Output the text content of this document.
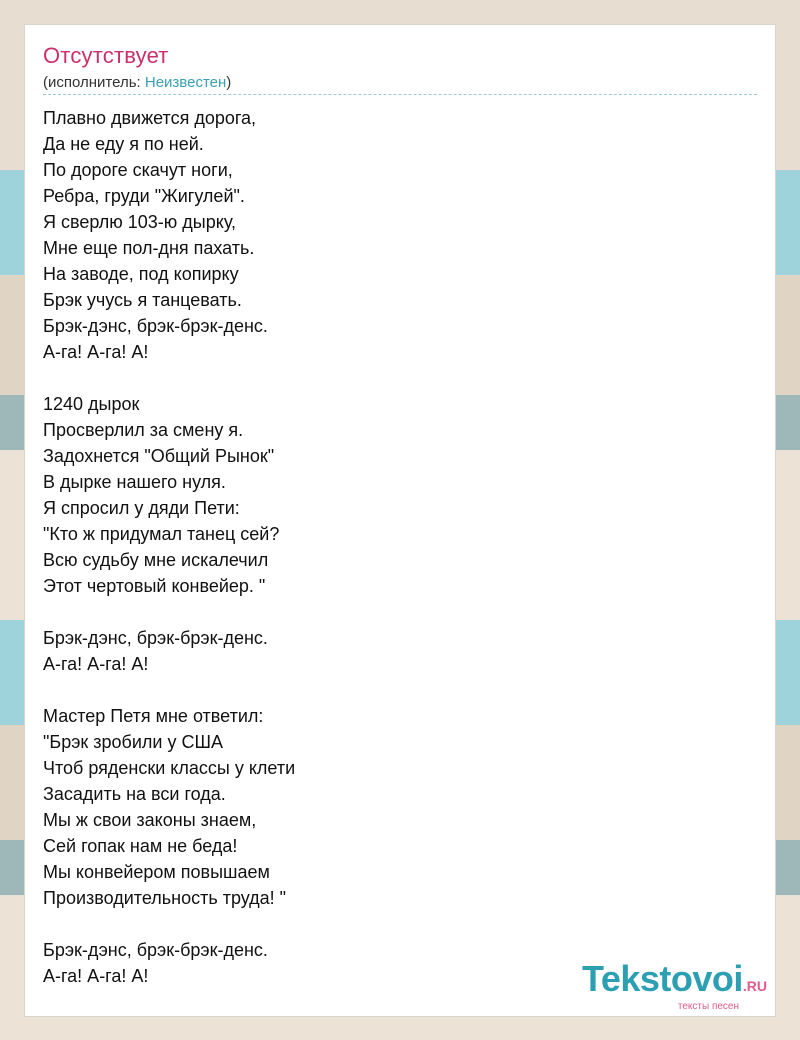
Отсутствует
(исполнитель: Неизвестен)
Плавно движется дорога,
Да не еду я по ней.
По дороге скачут ноги,
Ребра, груди "Жигулей".
Я сверлю 103-ю дырку,
Мне еще пол-дня пахать.
На заводе, под копирку
Брэк учусь я танцевать.
Брэк-дэнс, брэк-брэк-денс.
А-га! А-га! А!
1240 дырок
Просверлил за смену я.
Задохнется "Общий Рынок"
В дырке нашего нуля.
Я спросил у дяди Пети:
"Кто ж придумал танец сей?
Всю судьбу мне искалечил
Этот чертовый конвейер. "
Брэк-дэнс, брэк-брэк-денс.
А-га! А-га! А!
Мастер Петя мне ответил:
"Брэк зробили у США
Чтоб ряденски классы у клети
Засадить на вси года.
Мы ж свои законы знаем,
Сей гопак нам не беда!
Мы конвейером повышаем
Производительность труда! "
Брэк-дэнс, брэк-брэк-денс.
А-га! А-га! А!	Tekstovoi.RU
тексты песен
